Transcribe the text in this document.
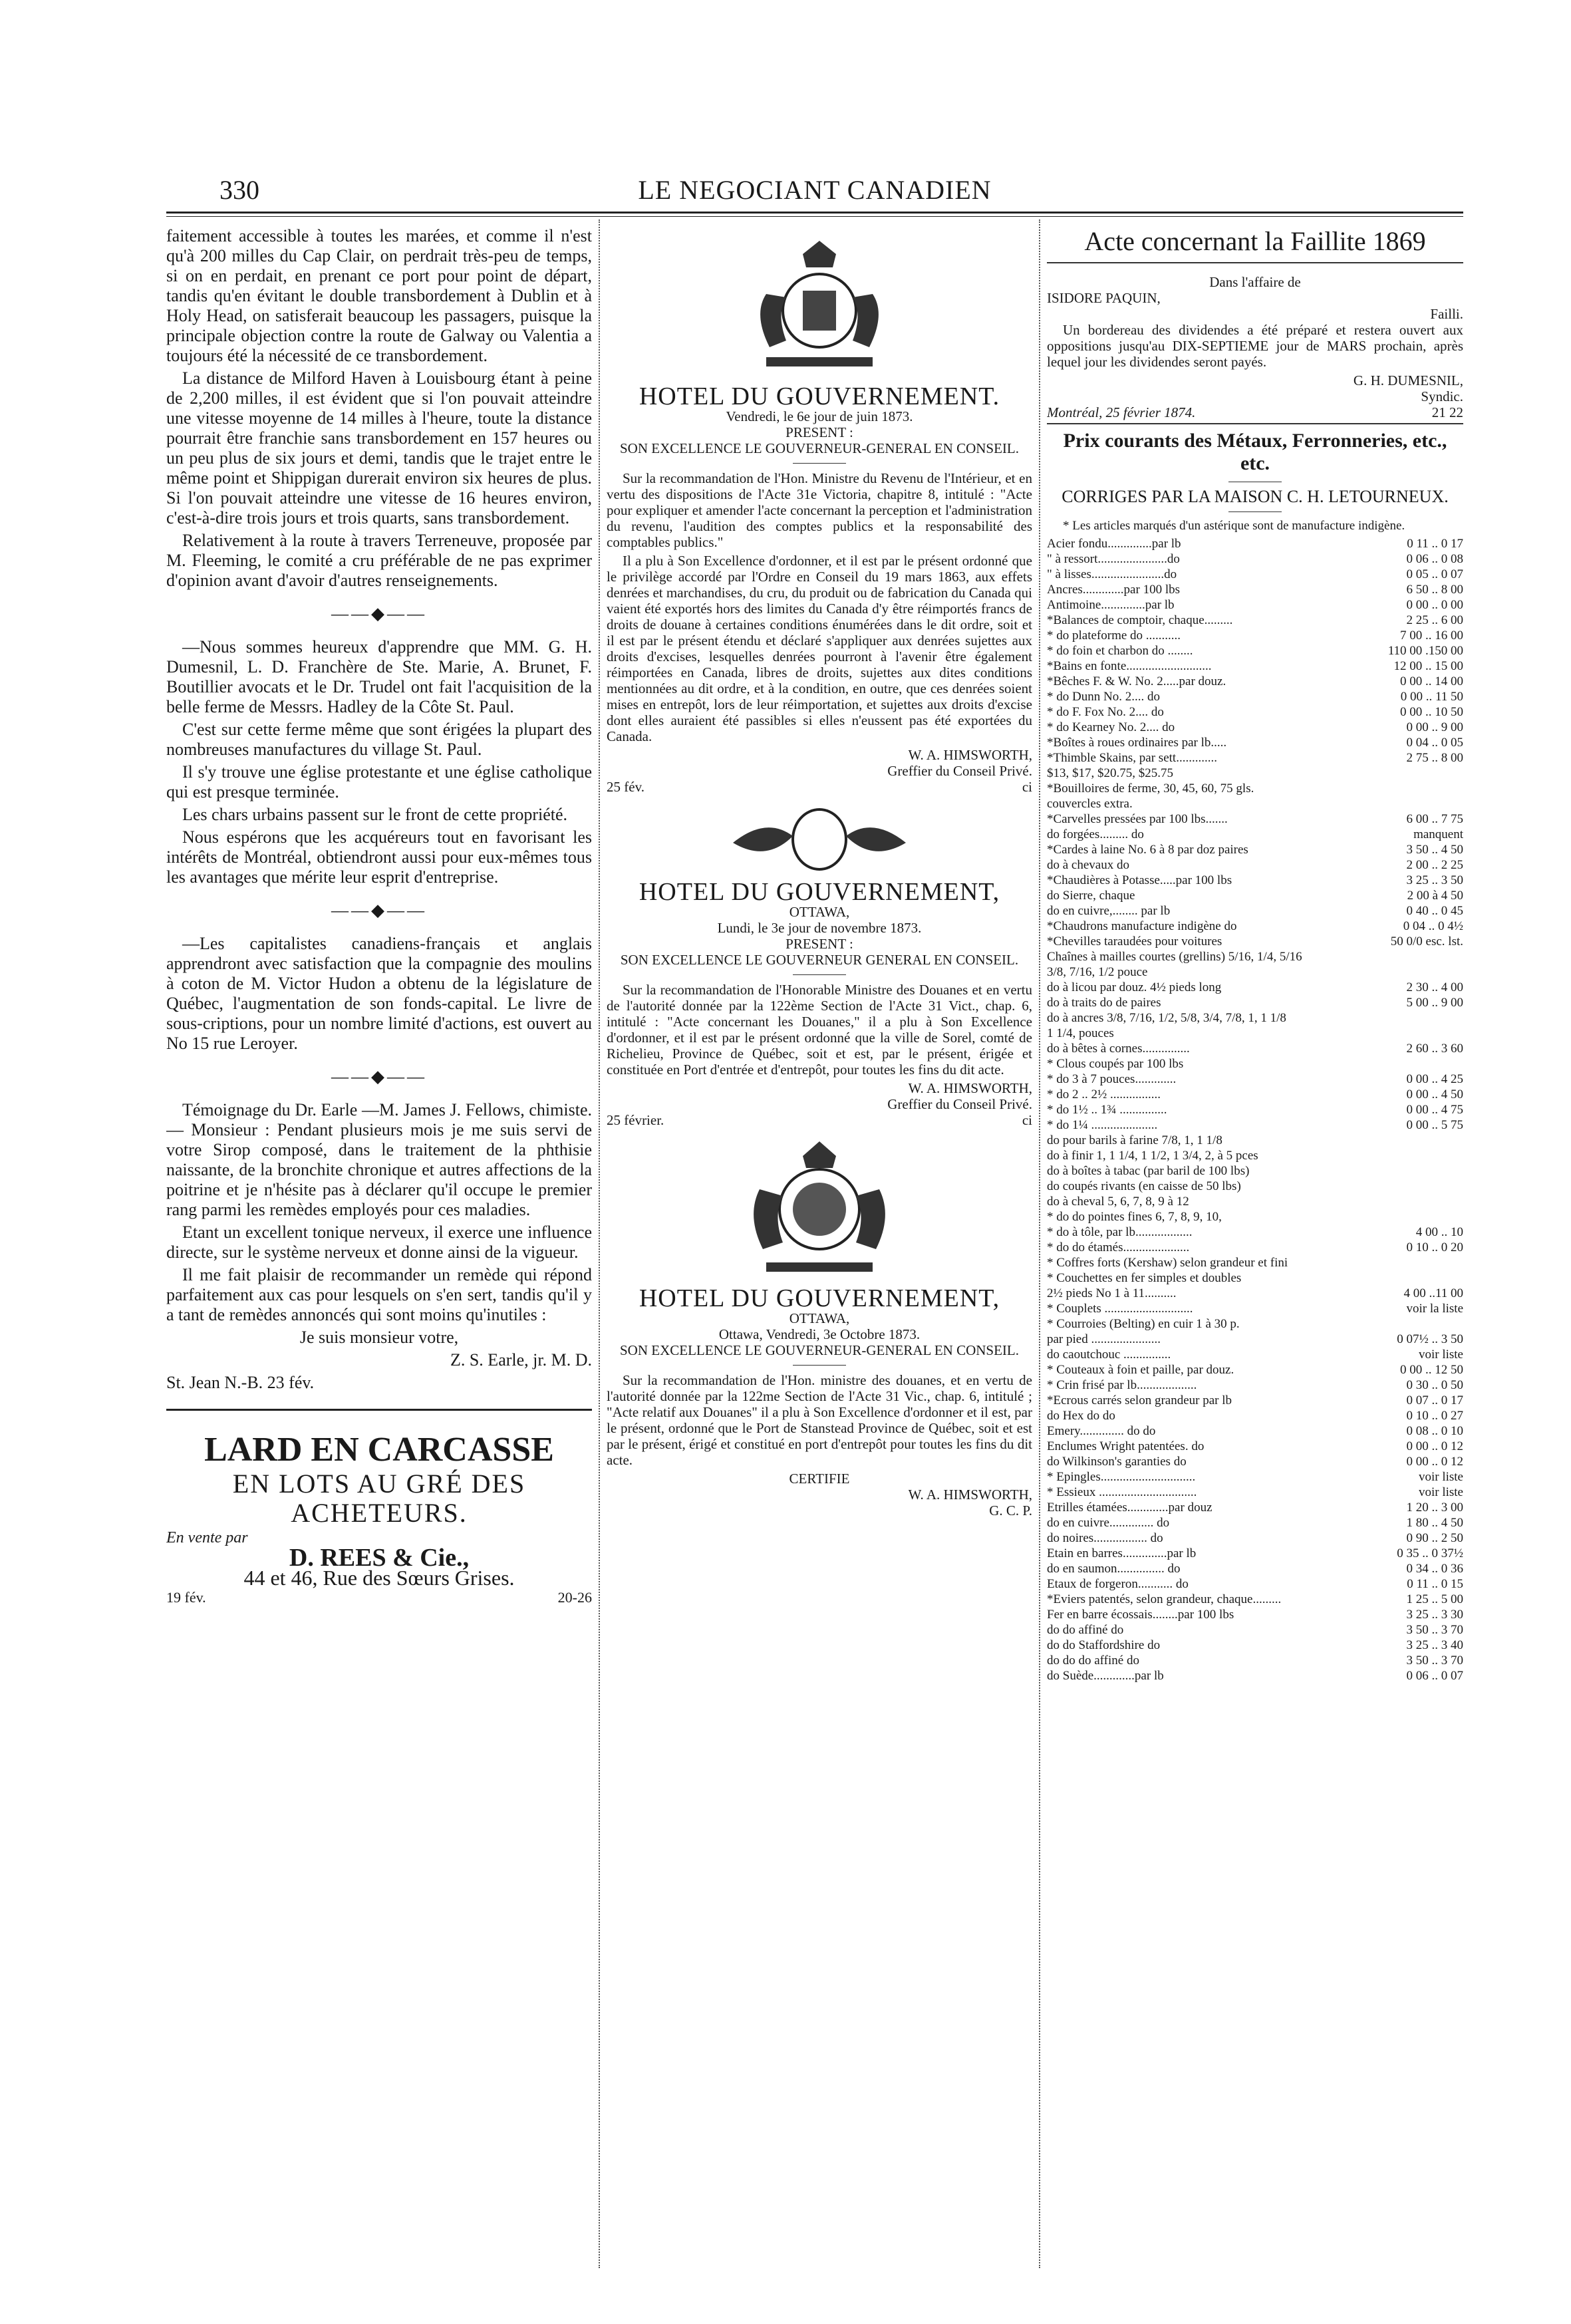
330	LE NEGOCIANT CANADIEN

faitement accessible à toutes les marées, et comme il n'est qu'à 200 milles du Cap Clair, on perdrait très-peu de temps, si on en perdait, en prenant ce port pour point de départ, tandis qu'en évitant le double transbordement à Dublin et à Holy Head, on satisferait beaucoup les passagers, puisque la principale objection contre la route de Galway ou Valentia a toujours été la nécessité de ce transbordement.

La distance de Milford Haven à Louisbourg étant à peine de 2,200 milles, il est évident que si l'on pouvait atteindre une vitesse moyenne de 14 milles à l'heure, toute la distance pourrait être franchie sans transbordement en 157 heures ou un peu plus de six jours et demi, tandis que le trajet entre le même point et Shippigan durerait environ six heures de plus. Si l'on pouvait atteindre une vitesse de 16 heures environ, c'est-à-dire trois jours et trois quarts, sans transbordement.

Relativement à la route à travers Terreneuve, proposée par M. Fleeming, le comité a cru préférable de ne pas exprimer d'opinion avant d'avoir d'autres renseignements.

——◆——

—Nous sommes heureux d'apprendre que MM. G. H. Dumesnil, L. D. Franchère de Ste. Marie, A. Brunet, F. Boutillier avocats et le Dr. Trudel ont fait l'acquisition de la belle ferme de Messrs. Hadley de la Côte St. Paul.

C'est sur cette ferme même que sont érigées la plupart des nombreuses manufactures du village St. Paul.

Il s'y trouve une église protestante et une église catholique qui est presque terminée.

Les chars urbains passent sur le front de cette propriété.

Nous espérons que les acquéreurs tout en favorisant les intérêts de Montréal, obtiendront aussi pour eux-mêmes tous les avantages que mérite leur esprit d'entreprise.

——◆——

—Les capitalistes canadiens-français et anglais apprendront avec satisfaction que la compagnie des moulins à coton de M. Victor Hudon a obtenu de la législature de Québec, l'augmentation de son fonds-capital. Le livre de sous-criptions, pour un nombre limité d'actions, est ouvert au No 15 rue Leroyer.

——◆——

Témoignage du Dr. Earle —M. James J. Fellows, chimiste.— Monsieur : Pendant plusieurs mois je me suis servi de votre Sirop composé, dans le traitement de la phthisie naissante, de la bronchite chronique et autres affections de la poitrine et je n'hésite pas à déclarer qu'il occupe le premier rang parmi les remèdes employés pour ces maladies.

Etant un excellent tonique nerveux, il exerce une influence directe, sur le système nerveux et donne ainsi de la vigueur.

Il me fait plaisir de recommander un remède qui répond parfaitement aux cas pour lesquels on s'en sert, tandis qu'il y a tant de remèdes annoncés qui sont moins qu'inutiles :

Je suis monsieur votre,

Z. S. Earle, jr. M. D.

St. Jean N.-B. 23 fév.

LARD EN CARCASSE
EN LOTS AU GRÉ DES ACHETEURS.
En vente par
D. REES & Cie.,
44 et 46, Rue des Sœurs Grises.
19 fév.	20-26
HOTEL DU GOUVERNEMENT.
Vendredi, le 6e jour de juin 1873.
PRESENT :
SON EXCELLENCE LE GOUVERNEUR-GENERAL EN CONSEIL.

Sur la recommandation de l'Hon. Ministre du Revenu de l'Intérieur, et en vertu des dispositions de l'Acte 31e Victoria, chapitre 8, intitulé : "Acte pour expliquer et amender l'acte concernant la perception et l'administration du revenu, l'audition des comptes publics et la responsabilité des comptables publics."

Il a plu à Son Excellence d'ordonner, et il est par le présent ordonné que le privilège accordé par l'Ordre en Conseil du 19 mars 1863, aux effets denrées et marchandises, du cru, du produit ou de fabrication du Canada qui vaient été exportés hors des limites du Canada d'y être réimportés francs de droits de douane à certaines conditions énumérées dans le dit ordre, soit et il est par le présent étendu et déclaré s'appliquer aux denrées sujettes aux droits d'excises, lesquelles denrées pourront à l'avenir être également réimportées en Canada, libres de droits, sujettes aux dites conditions mentionnées au dit ordre, et à la condition, en outre, que ces denrées soient mises en entrepôt, lors de leur réimportation, et sujettes aux droits d'excise dont elles auraient été passibles si elles n'eussent pas été exportées du Canada.

W. A. HIMSWORTH,
Greffier du Conseil Privé.
25 fév.	ci
HOTEL DU GOUVERNEMENT,
OTTAWA,
Lundi, le 3e jour de novembre 1873.
PRESENT :
SON EXCELLENCE LE GOUVERNEUR GENERAL EN CONSEIL.

Sur la recommandation de l'Honorable Ministre des Douanes et en vertu de l'autorité donnée par la 122ème Section de l'Acte 31 Vict., chap. 6, intitulé : "Acte concernant les Douanes," il a plu à Son Excellence d'ordonner, et il est par le présent ordonné que la ville de Sorel, comté de Richelieu, Province de Québec, soit et est, par le présent, érigée et constituée en Port d'entrée et d'entrepôt, pour toutes les fins du dit acte.

W. A. HIMSWORTH,
Greffier du Conseil Privé.
25 février.	ci
HOTEL DU GOUVERNEMENT,
OTTAWA,
Ottawa, Vendredi, 3e Octobre 1873.
SON EXCELLENCE LE GOUVERNEUR-GENERAL EN CONSEIL.

Sur la recommandation de l'Hon. ministre des douanes, et en vertu de l'autorité donnée par la 122me Section de l'Acte 31 Vic., chap. 6, intitulé ; "Acte relatif aux Douanes" il a plu à Son Excellence d'ordonner et il est, par le présent, ordonné que le Port de Stanstead Province de Québec, soit et est par le présent, érigé et constitué en port d'entrepôt pour toutes les fins du dit acte.

CERTIFIE
W. A. HIMSWORTH,
G. C. P.
Acte concernant la Faillite 1869
Dans l'affaire de
ISIDORE PAQUIN,
Failli.

Un bordereau des dividendes a été préparé et restera ouvert aux oppositions jusqu'au DIX-SEPTIEME jour de MARS prochain, après lequel jour les dividendes seront payés.

G. H. DUMESNIL,
Syndic.
Montréal, 25 février 1874.	21 22
Prix courants des Métaux, Ferronneries, etc., etc.
CORRIGES PAR LA MAISON C. H. LETOURNEUX.

* Les articles marqués d'un astérique sont de manufacture indigène.

Acier fondu..............par lb	0 11 .. 0 17
" à ressort......................do	0 06 .. 0 08
" à lisses.......................do	0 05 .. 0 07
Ancres.............par 100 lbs	6 50 .. 8 00
Antimoine..............par lb	0 00 .. 0 00
*Balances de comptoir, chaque.........	2 25 .. 6 00
* do plateforme do ...........	7 00 .. 16 00
* do foin et charbon do ........	110 00 .150 00
*Bains en fonte...........................	12 00 .. 15 00
*Bêches F. & W. No. 2.....par douz.	0 00 .. 14 00
* do Dunn No. 2.... do	0 00 .. 11 50
* do F. Fox No. 2.... do	0 00 .. 10 50
* do Kearney No. 2.... do	0 00 .. 9 00
*Boîtes à roues ordinaires par lb.....	0 04 .. 0 05
*Thimble Skains, par sett.............	2 75 .. 8 00
$13, $17, $20.75, $25.75
*Bouilloires de ferme, 30, 45, 60, 75 gls.
couvercles extra.
*Carvelles pressées par 100 lbs.......	6 00 .. 7 75
do forgées......... do	manquent
*Cardes à laine No. 6 à 8 par doz paires	3 50 .. 4 50
do à chevaux do	2 00 .. 2 25
*Chaudières à Potasse.....par 100 lbs	3 25 .. 3 50
do Sierre, chaque	2 00 à 4 50
do en cuivre,........ par lb	0 40 .. 0 45
*Chaudrons manufacture indigène do	0 04 .. 0 4½
*Chevilles taraudées pour voitures	50 0/0 esc. lst.
Chaînes à mailles courtes (grellins) 5/16, 1/4, 5/16
3/8, 7/16, 1/2 pouce
do à licou par douz. 4½ pieds long	2 30 .. 4 00
do à traits do de paires	5 00 .. 9 00
do à ancres 3/8, 7/16, 1/2, 5/8, 3/4, 7/8, 1, 1 1/8
1 1/4, pouces
do à bêtes à cornes...............	2 60 .. 3 60
* Clous coupés par 100 lbs
* do 3 à 7 pouces.............	0 00 .. 4 25
* do 2 .. 2½ ................	0 00 .. 4 50
* do 1½ .. 1¾ ...............	0 00 .. 4 75
* do 1¼ .....................	0 00 .. 5 75
do pour barils à farine 7/8, 1, 1 1/8
do à finir 1, 1 1/4, 1 1/2, 1 3/4, 2, à 5 pces
do à boîtes à tabac (par baril de 100 lbs)
do coupés rivants (en caisse de 50 lbs)
do à cheval 5, 6, 7, 8, 9 à 12
* do do pointes fines 6, 7, 8, 9, 10,
* do à tôle, par lb..................	4 00 .. 10
* do do étamés.....................	0 10 .. 0 20
* Coffres forts (Kershaw) selon grandeur et fini
* Couchettes en fer simples et doubles
2½ pieds No 1 à 11..........	4 00 ..11 00
* Couplets ............................	voir la liste
* Courroies (Belting) en cuir 1 à 30 p.
par pied ......................	0 07½ .. 3 50
do caoutchouc ...............	voir liste
* Couteaux à foin et paille, par douz.	0 00 .. 12 50
* Crin frisé par lb...................	0 30 .. 0 50
*Ecrous carrés selon grandeur par lb	0 07 .. 0 17
do Hex do do	0 10 .. 0 27
Emery.............. do do	0 08 .. 0 10
Enclumes Wright patentées. do	0 00 .. 0 12
do Wilkinson's garanties do	0 00 .. 0 12
* Epingles..............................	voir liste
* Essieux ...............................	voir liste
Etrilles étamées.............par douz	1 20 .. 3 00
do en cuivre.............. do	1 80 .. 4 50
do noires................. do	0 90 .. 2 50
Etain en barres..............par lb	0 35 .. 0 37½
do en saumon............... do	0 34 .. 0 36
Etaux de forgeron........... do	0 11 .. 0 15
*Eviers patentés, selon grandeur, chaque.........	1 25 .. 5 00
Fer en barre écossais........par 100 lbs	3 25 .. 3 30
do do affiné do	3 50 .. 3 70
do do Staffordshire do	3 25 .. 3 40
do do do affiné do	3 50 .. 3 70
do Suède.............par lb	0 06 .. 0 07
